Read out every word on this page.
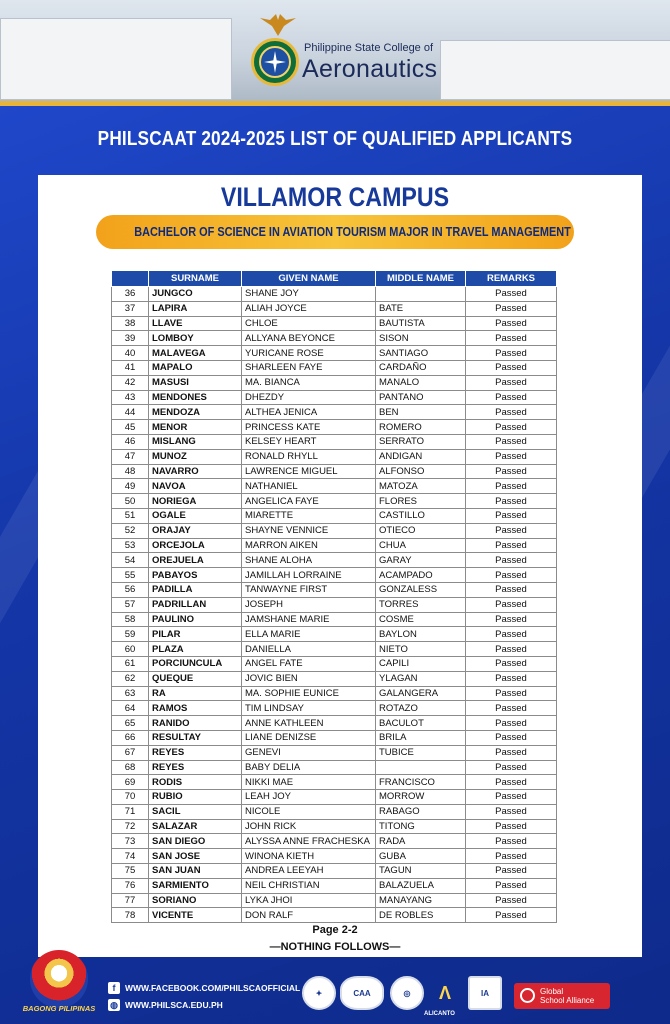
Philippine State College of
Aeronautics
PHILSCAAT 2024-2025 LIST OF QUALIFIED APPLICANTS
VILLAMOR CAMPUS
BACHELOR OF SCIENCE IN AVIATION TOURISM MAJOR IN TRAVEL MANAGEMENT
	SURNAME	GIVEN NAME	MIDDLE NAME	REMARKS
36	JUNGCO	SHANE JOY		Passed
37	LAPIRA	ALIAH JOYCE	BATE	Passed
38	LLAVE	CHLOE	BAUTISTA	Passed
39	LOMBOY	ALLYANA BEYONCE	SISON	Passed
40	MALAVEGA	YURICANE ROSE	SANTIAGO	Passed
41	MAPALO	SHARLEEN FAYE	CARDAÑO	Passed
42	MASUSI	MA. BIANCA	MANALO	Passed
43	MENDONES	DHEZDY	PANTANO	Passed
44	MENDOZA	ALTHEA JENICA	BEN	Passed
45	MENOR	PRINCESS KATE	ROMERO	Passed
46	MISLANG	KELSEY HEART	SERRATO	Passed
47	MUNOZ	RONALD RHYLL	ANDIGAN	Passed
48	NAVARRO	LAWRENCE MIGUEL	ALFONSO	Passed
49	NAVOA	NATHANIEL	MATOZA	Passed
50	NORIEGA	ANGELICA FAYE	FLORES	Passed
51	OGALE	MIARETTE	CASTILLO	Passed
52	ORAJAY	SHAYNE VENNICE	OTIECO	Passed
53	ORCEJOLA	MARRON AIKEN	CHUA	Passed
54	OREJUELA	SHANE ALOHA	GARAY	Passed
55	PABAYOS	JAMILLAH LORRAINE	ACAMPADO	Passed
56	PADILLA	TANWAYNE FIRST	GONZALESS	Passed
57	PADRILLAN	JOSEPH	TORRES	Passed
58	PAULINO	JAMSHANE MARIE	COSME	Passed
59	PILAR	ELLA MARIE	BAYLON	Passed
60	PLAZA	DANIELLA	NIETO	Passed
61	PORCIUNCULA	ANGEL FATE	CAPILI	Passed
62	QUEQUE	JOVIC BIEN	YLAGAN	Passed
63	RA	MA. SOPHIE EUNICE	GALANGERA	Passed
64	RAMOS	TIM LINDSAY	ROTAZO	Passed
65	RANIDO	ANNE KATHLEEN	BACULOT	Passed
66	RESULTAY	LIANE DENIZSE	BRILA	Passed
67	REYES	GENEVI	TUBICE	Passed
68	REYES	BABY DELIA		Passed
69	RODIS	NIKKI MAE	FRANCISCO	Passed
70	RUBIO	LEAH JOY	MORROW	Passed
71	SACIL	NICOLE	RABAGO	Passed
72	SALAZAR	JOHN RICK	TITONG	Passed
73	SAN DIEGO	ALYSSA ANNE FRACHESKA	RADA	Passed
74	SAN JOSE	WINONA KIETH	GUBA	Passed
75	SAN JUAN	ANDREA LEEYAH	TAGUN	Passed
76	SARMIENTO	NEIL CHRISTIAN	BALAZUELA	Passed
77	SORIANO	LYKA JHOI	MANAYANG	Passed
78	VICENTE	DON RALF	DE ROBLES	Passed
Page 2-2
—NOTHING FOLLOWS—
BAGONG PILIPINAS
f	WWW.FACEBOOK.COM/PHILSCAOFFICIAL
◍ WWW.PHILSCA.EDU.PH
✦	CAA	◎	Ʌ
ALICANTO
IA	Global
School Alliance
